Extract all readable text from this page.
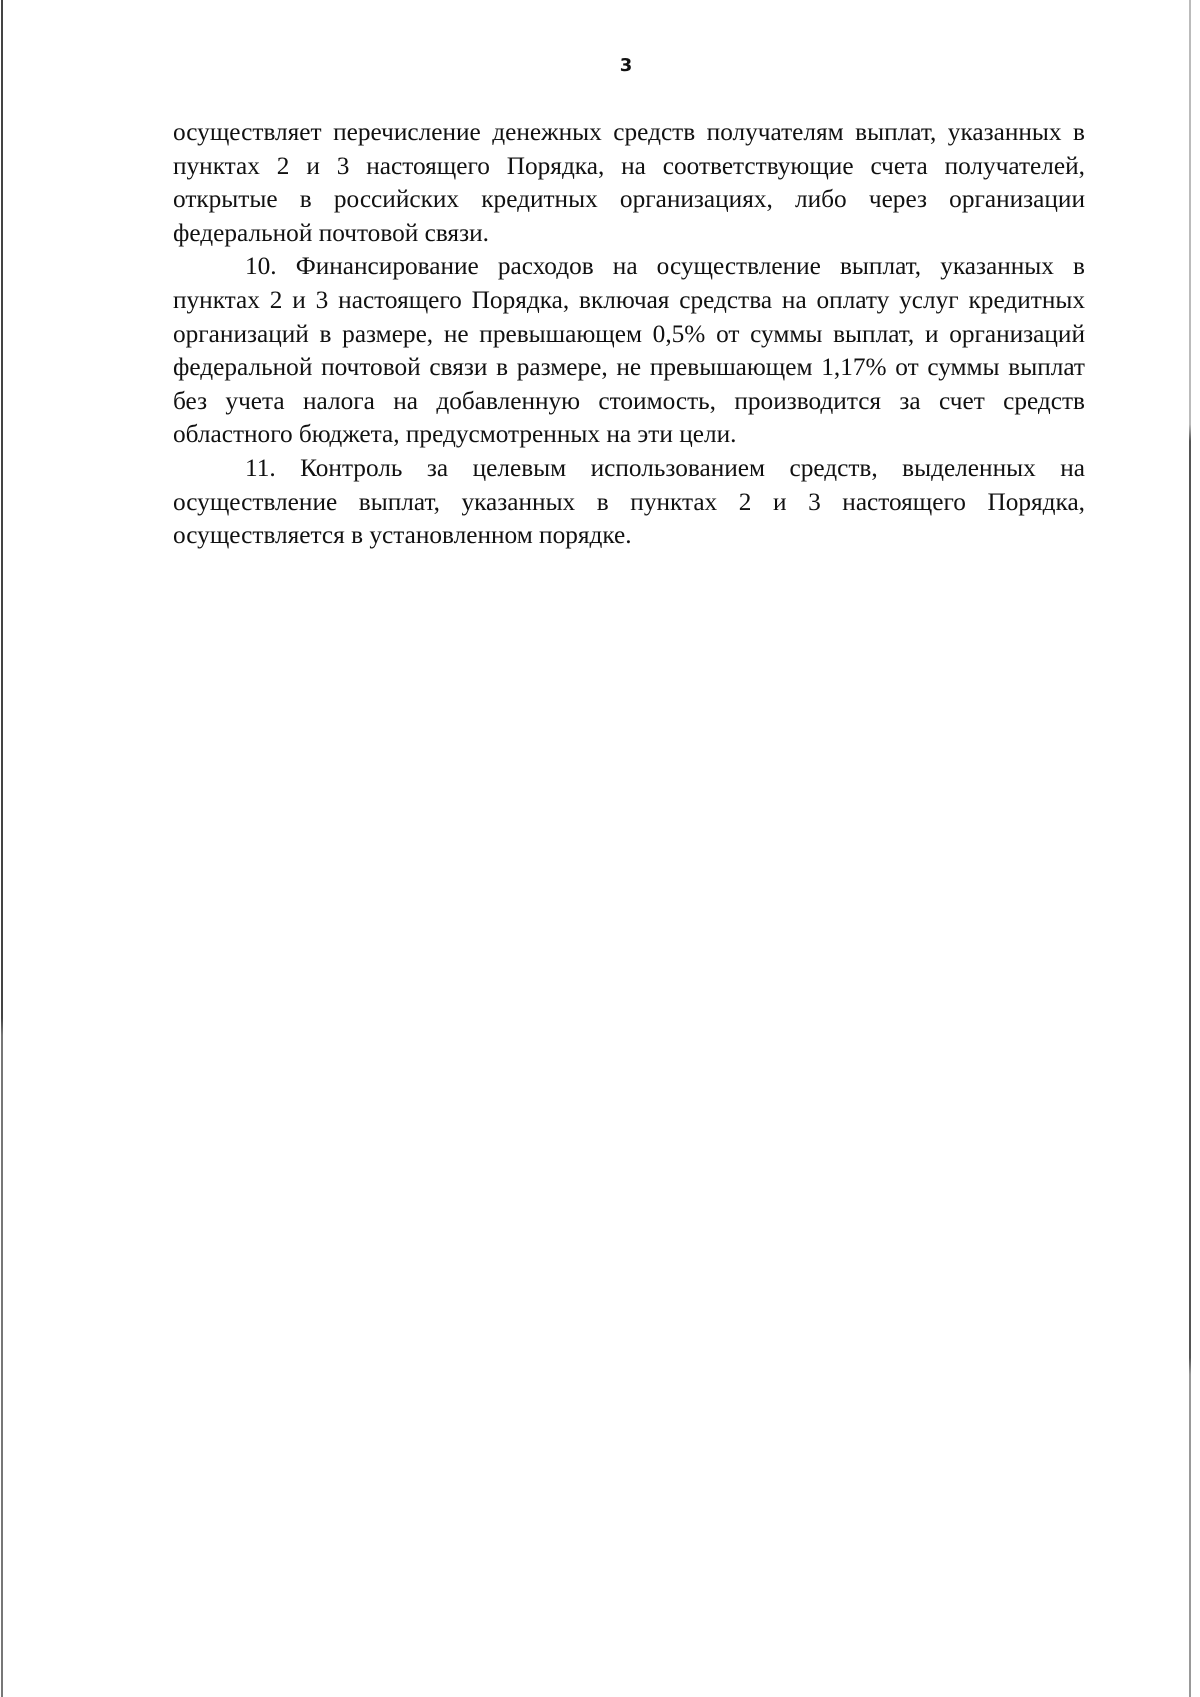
3

осуществляет перечисление денежных средств получателям выплат, указанных в пунктах 2 и 3 настоящего Порядка, на соответствующие счета получателей, открытые в российских кредитных организациях, либо через организации федеральной почтовой связи.

10. Финансирование расходов на осуществление выплат, указанных в пунктах 2 и 3 настоящего Порядка, включая средства на оплату услуг кредитных организаций в размере, не превышающем 0,5% от суммы выплат, и организаций федеральной почтовой связи в размере, не превышающем 1,17% от суммы выплат без учета налога на добавленную стоимость, производится за счет средств областного бюджета, предусмотренных на эти цели.

11. Контроль за целевым использованием средств, выделенных на осуществление выплат, указанных в пунктах 2 и 3 настоящего Порядка, осуществляется в установленном порядке.
